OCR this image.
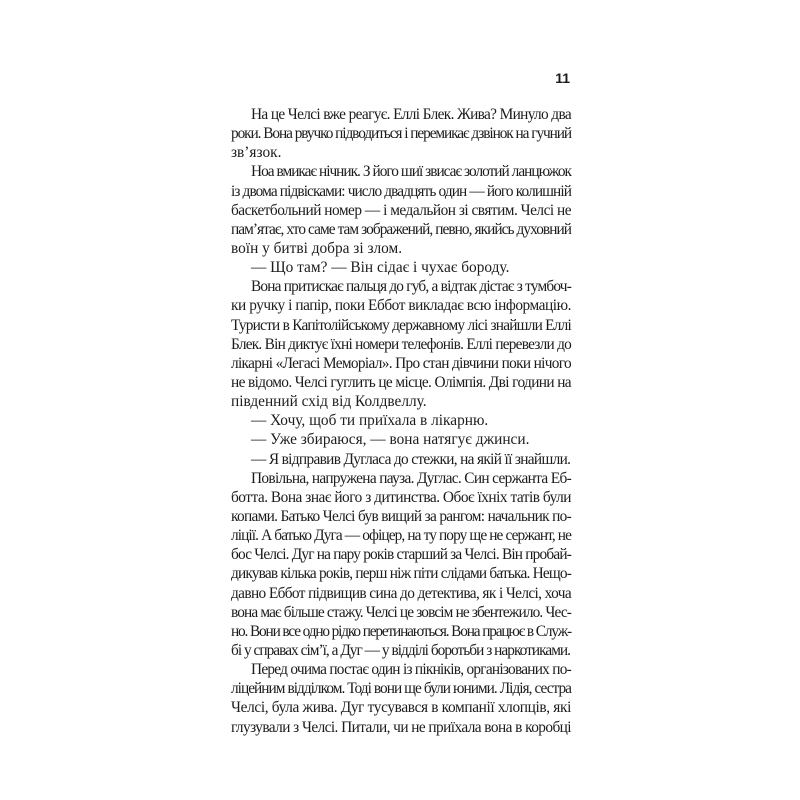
11
На це Челсі вже реагує. Еллі Блек. Жива? Минуло два
роки. Вона рвучко підводиться і перемикає дзвінок на гучний
зв’язок.
Ноа вмикає нічник. З його шиї звисає золотий ланцюжок
із двома підвісками: число двадцять один — його колишній
баскетбольний номер — і медальйон зі святим. Челсі не
пам’ятає, хто саме там зображений, певно, якийсь духовний
воїн у битві добра зі злом.
— Що там? — Він сідає і чухає бороду.
Вона притискає пальця до губ, а відтак дістає з тумбоч-
ки ручку і папір, поки Еббот викладає всю інформацію.
Туристи в Капітолійському державному лісі знайшли Еллі
Блек. Він диктує їхні номери телефонів. Еллі перевезли до
лікарні «Легасі Меморіал». Про стан дівчини поки нічого
не відомо. Челсі гуглить це місце. Олімпія. Дві години на
південний схід від Колдвеллу.
— Хочу, щоб ти приїхала в лікарню.
— Уже збираюся, — вона натягує джинси.
— Я відправив Дугласа до стежки, на якій її знайшли.
Повільна, напружена пауза. Дуглас. Син сержанта Еб-
ботта. Вона знає його з дитинства. Обоє їхніх татів були
копами. Батько Челсі був вищий за рангом: начальник по-
ліції. А батько Дуга — офіцер, на ту пору ще не сержант, не
бос Челсі. Дуг на пару років старший за Челсі. Він пробай-
дикував кілька років, перш ніж піти слідами батька. Нещо-
давно Еббот підвищив сина до детектива, як і Челсі, хоча
вона має більше стажу. Челсі це зовсім не збентежило. Чес-
но. Вони все одно рідко перетинаються. Вона працює в Служ-
бі у справах сім’ї, а Дуг — у відділі боротьби з наркотиками.
Перед очима постає один із пікніків, організованих по-
ліцейним відділком. Тоді вони ще були юними. Лідія, сестра
Челсі, була жива. Дуг тусувався в компанії хлопців, які
глузували з Челсі. Питали, чи не приїхала вона в коробці
